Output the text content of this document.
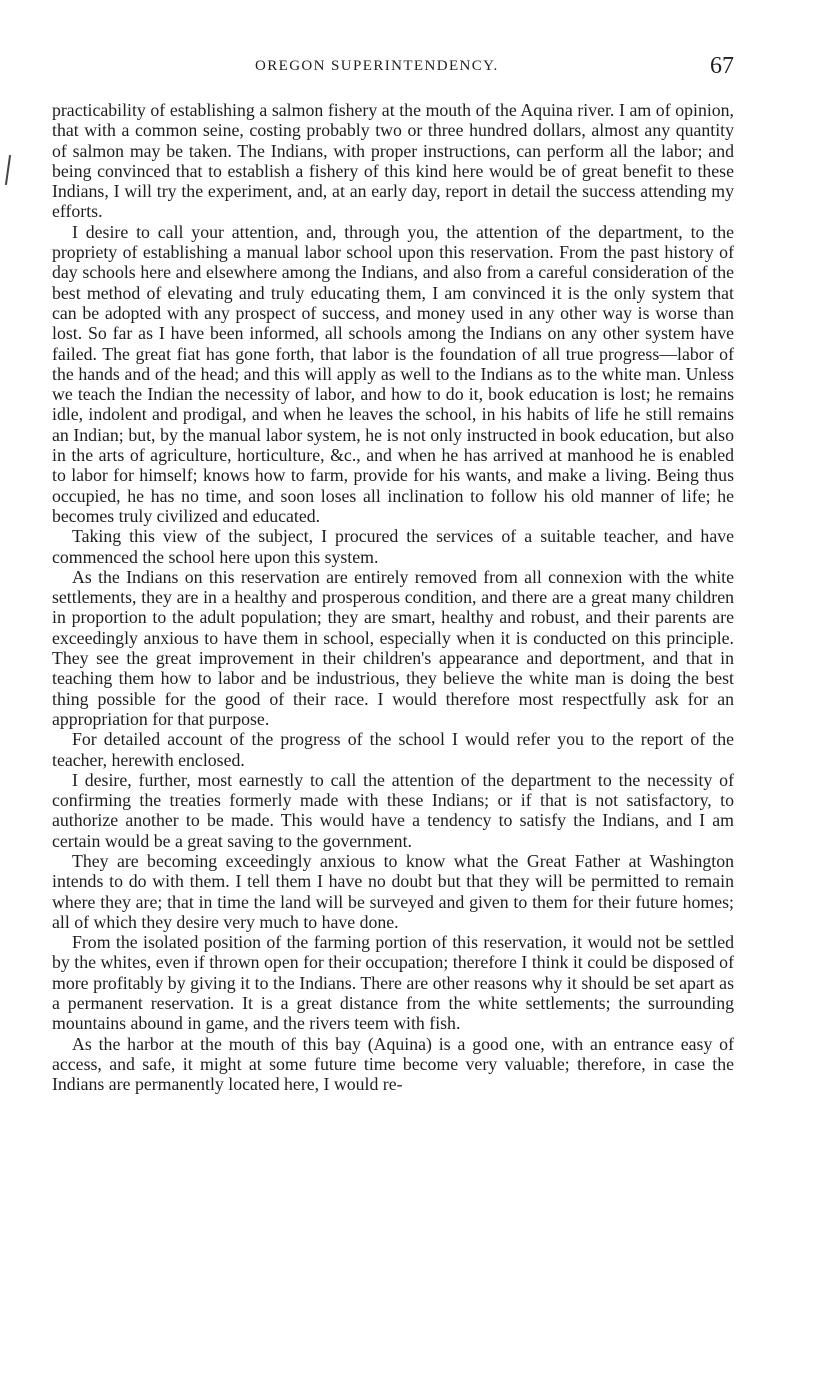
OREGON SUPERINTENDENCY.	67

practicability of establishing a salmon fishery at the mouth of the Aquina river. I am of opinion, that with a common seine, costing probably two or three hundred dollars, almost any quantity of salmon may be taken. The Indians, with proper instructions, can perform all the labor; and being convinced that to establish a fishery of this kind here would be of great benefit to these Indians, I will try the experiment, and, at an early day, report in detail the success attending my efforts.

I desire to call your attention, and, through you, the attention of the department, to the propriety of establishing a manual labor school upon this reservation. From the past history of day schools here and elsewhere among the Indians, and also from a careful consideration of the best method of elevating and truly educating them, I am convinced it is the only system that can be adopted with any prospect of success, and money used in any other way is worse than lost. So far as I have been informed, all schools among the Indians on any other system have failed. The great fiat has gone forth, that labor is the foundation of all true progress—labor of the hands and of the head; and this will apply as well to the Indians as to the white man. Unless we teach the Indian the necessity of labor, and how to do it, book education is lost; he remains idle, indolent and prodigal, and when he leaves the school, in his habits of life he still remains an Indian; but, by the manual labor system, he is not only instructed in book education, but also in the arts of agriculture, horticulture, &c., and when he has arrived at manhood he is enabled to labor for himself; knows how to farm, provide for his wants, and make a living. Being thus occupied, he has no time, and soon loses all inclination to follow his old manner of life; he becomes truly civilized and educated.

Taking this view of the subject, I procured the services of a suitable teacher, and have commenced the school here upon this system.

As the Indians on this reservation are entirely removed from all connexion with the white settlements, they are in a healthy and prosperous condition, and there are a great many children in proportion to the adult population; they are smart, healthy and robust, and their parents are exceedingly anxious to have them in school, especially when it is conducted on this principle. They see the great improvement in their children's appearance and deportment, and that in teaching them how to labor and be industrious, they believe the white man is doing the best thing possible for the good of their race. I would therefore most respectfully ask for an appropriation for that purpose.

For detailed account of the progress of the school I would refer you to the report of the teacher, herewith enclosed.

I desire, further, most earnestly to call the attention of the department to the necessity of confirming the treaties formerly made with these Indians; or if that is not satisfactory, to authorize another to be made. This would have a tendency to satisfy the Indians, and I am certain would be a great saving to the government.

They are becoming exceedingly anxious to know what the Great Father at Washington intends to do with them. I tell them I have no doubt but that they will be permitted to remain where they are; that in time the land will be surveyed and given to them for their future homes; all of which they desire very much to have done.

From the isolated position of the farming portion of this reservation, it would not be settled by the whites, even if thrown open for their occupation; therefore I think it could be disposed of more profitably by giving it to the Indians. There are other reasons why it should be set apart as a permanent reservation. It is a great distance from the white settlements; the surrounding mountains abound in game, and the rivers teem with fish.

As the harbor at the mouth of this bay (Aquina) is a good one, with an entrance easy of access, and safe, it might at some future time become very valuable; therefore, in case the Indians are permanently located here, I would re-
